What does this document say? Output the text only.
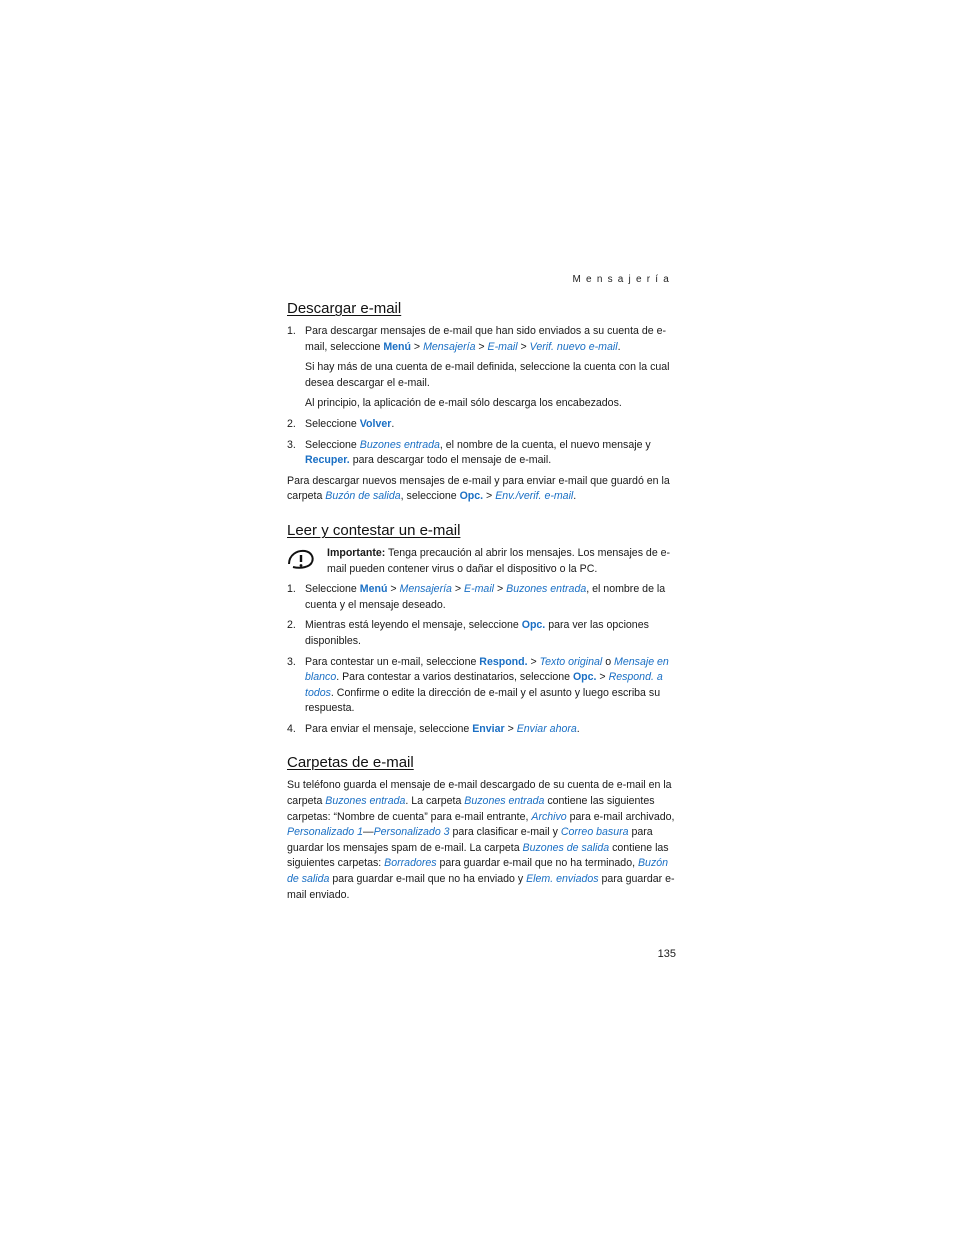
Mensajería
Descargar e-mail
1. Para descargar mensajes de e-mail que han sido enviados a su cuenta de e-mail, seleccione Menú > Mensajería > E-mail > Verif. nuevo e-mail.

Si hay más de una cuenta de e-mail definida, seleccione la cuenta con la cual desea descargar el e-mail.

Al principio, la aplicación de e-mail sólo descarga los encabezados.

2. Seleccione Volver.
3. Seleccione Buzones entrada, el nombre de la cuenta, el nuevo mensaje y Recuper. para descargar todo el mensaje de e-mail.

Para descargar nuevos mensajes de e-mail y para enviar e-mail que guardó en la carpeta Buzón de salida, seleccione Opc. > Env./verif. e-mail.

Leer y contestar un e-mail
Importante: Tenga precaución al abrir los mensajes. Los mensajes de e-mail pueden contener virus o dañar el dispositivo o la PC.
1. Seleccione Menú > Mensajería > E-mail > Buzones entrada, el nombre de la cuenta y el mensaje deseado.
2. Mientras está leyendo el mensaje, seleccione Opc. para ver las opciones disponibles.
3. Para contestar un e-mail, seleccione Respond. > Texto original o Mensaje en blanco. Para contestar a varios destinatarios, seleccione Opc. > Respond. a todos. Confirme o edite la dirección de e-mail y el asunto y luego escriba su respuesta.
4. Para enviar el mensaje, seleccione Enviar > Enviar ahora.
Carpetas de e-mail

Su teléfono guarda el mensaje de e-mail descargado de su cuenta de e-mail en la carpeta Buzones entrada. La carpeta Buzones entrada contiene las siguientes carpetas: “Nombre de cuenta” para e-mail entrante, Archivo para e-mail archivado, Personalizado 1—Personalizado 3 para clasificar e-mail y Correo basura para guardar los mensajes spam de e-mail. La carpeta Buzones de salida contiene las siguientes carpetas: Borradores para guardar e-mail que no ha terminado, Buzón de salida para guardar e-mail que no ha enviado y Elem. enviados para guardar e-mail enviado.

135
